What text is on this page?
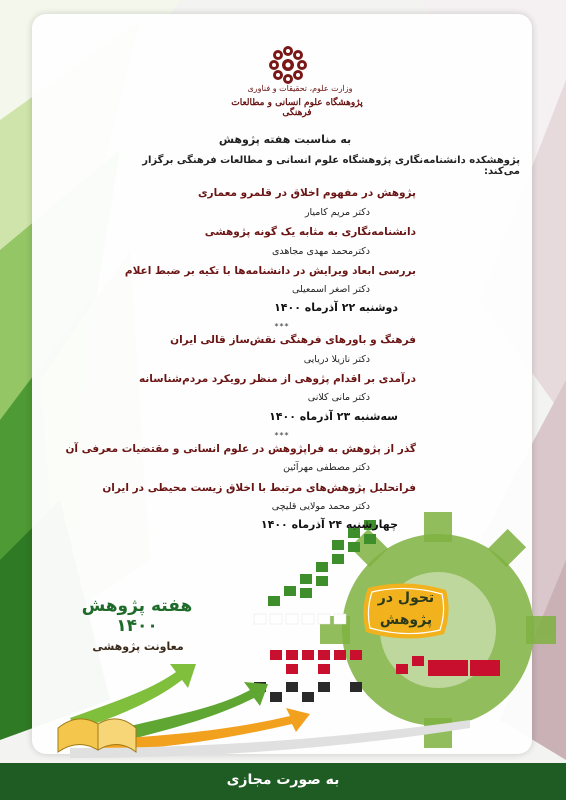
وزارت علوم، تحقیقات و فناوری
پژوهشگاه علوم انسانی و مطالعات فرهنگی
به مناسبت هفته پژوهش
پژوهشکده دانشنامه‌نگاری پژوهشگاه علوم انسانی و مطالعات فرهنگی برگزار می‌کند:
پژوهش در مفهوم اخلاق در قلمرو معماری
دکتر مریم کامیار
دانشنامه‌نگاری به مثابه یک گونه پژوهشی
دکترمحمد مهدی مجاهدی
بررسی ابعاد ویرایش در دانشنامه‌ها با تکیه بر ضبط اعلام
دکتر اصغر اسمعیلی
دوشنبه ۲۲ آذرماه ۱۴۰۰
***
فرهنگ و باورهای فرهنگی نقش‌ساز قالی ایران
دکتر نازیلا دریایی
درآمدی بر اقدام پژوهی از منظر رویکرد مردم‌شناسانه
دکتر مانی کلانی
سه‌شنبه ۲۳ آذرماه ۱۴۰۰
***
گذر از پژوهش به فراپژوهش در علوم انسانی و مقتضیات معرفی آن
دکتر مصطفی مهرآئین
فراتحلیل پژوهش‌های مرتبط با اخلاق زیست محیطی در ایران
دکتر محمد مولایی قلیچی
چهارشنبه ۲۴ آذرماه ۱۴۰۰
هفته پژوهش ۱۴۰۰
معاونت پژوهشی
تحول در
پژوهش
به صورت مجازی
